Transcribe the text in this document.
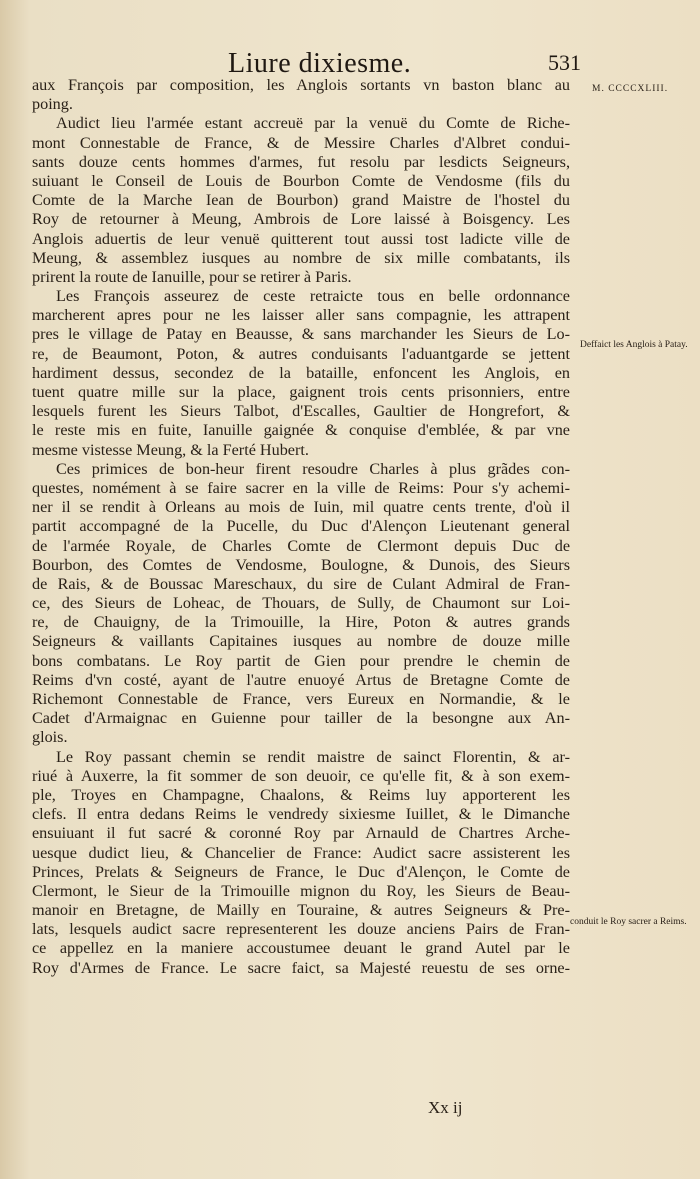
Liure dixiesme.	531
M. CCCCXLIII.
aux François par composition, les Anglois sortants vn baston blanc au
poing.
Audict lieu l'armée estant accreuë par la venuë du Comte de Riche-
mont Connestable de France, & de Messire Charles d'Albret condui-
sants douze cents hommes d'armes, fut resolu par lesdicts Seigneurs,
suiuant le Conseil de Louis de Bourbon Comte de Vendosme (fils du
Comte de la Marche Iean de Bourbon) grand Maistre de l'hostel du
Roy de retourner à Meung, Ambrois de Lore laissé à Boisgency. Les
Anglois aduertis de leur venuë quitterent tout aussi tost ladicte ville de
Meung, & assemblez iusques au nombre de six mille combatants, ils
prirent la route de Ianuille, pour se retirer à Paris.
Les François asseurez de ceste retraicte tous en belle ordonnance
marcherent apres pour ne les laisser aller sans compagnie, les attrapent
pres le village de Patay en Beausse, & sans marchander les Sieurs de Lo-
re, de Beaumont, Poton, & autres conduisants l'aduantgarde se jettent
hardiment dessus, secondez de la bataille, enfoncent les Anglois, en
tuent quatre mille sur la place, gaignent trois cents prisonniers, entre
lesquels furent les Sieurs Talbot, d'Escalles, Gaultier de Hongrefort, &
le reste mis en fuite, Ianuille gaignée & conquise d'emblée, & par vne
mesme vistesse Meung, & la Ferté Hubert.
Ces primices de bon-heur firent resoudre Charles à plus grãdes con-
questes, nomément à se faire sacrer en la ville de Reims: Pour s'y achemi-
ner il se rendit à Orleans au mois de Iuin, mil quatre cents trente, d'où il
partit accompagné de la Pucelle, du Duc d'Alençon Lieutenant general
de l'armée Royale, de Charles Comte de Clermont depuis Duc de
Bourbon, des Comtes de Vendosme, Boulogne, & Dunois, des Sieurs
de Rais, & de Boussac Mareschaux, du sire de Culant Admiral de Fran-
ce, des Sieurs de Loheac, de Thouars, de Sully, de Chaumont sur Loi-
re, de Chauigny, de la Trimouille, la Hire, Poton & autres grands
Seigneurs & vaillants Capitaines iusques au nombre de douze mille
bons combatans. Le Roy partit de Gien pour prendre le chemin de
Reims d'vn costé, ayant de l'autre enuoyé Artus de Bretagne Comte de
Richemont Connestable de France, vers Eureux en Normandie, & le
Cadet d'Armaignac en Guienne pour tailler de la besongne aux An-
glois.
Le Roy passant chemin se rendit maistre de sainct Florentin, & ar-
riué à Auxerre, la fit sommer de son deuoir, ce qu'elle fit, & à son exem-
ple, Troyes en Champagne, Chaalons, & Reims luy apporterent les
clefs. Il entra dedans Reims le vendredy sixiesme Iuillet, & le Dimanche
ensuiuant il fut sacré & coronné Roy par Arnauld de Chartres Arche-
uesque dudict lieu, & Chancelier de France: Audict sacre assisterent les
Princes, Prelats & Seigneurs de France, le Duc d'Alençon, le Comte de
Clermont, le Sieur de la Trimouille mignon du Roy, les Sieurs de Beau-
manoir en Bretagne, de Mailly en Touraine, & autres Seigneurs & Pre-
lats, lesquels audict sacre representerent les douze anciens Pairs de Fran-
ce appellez en la maniere accoustumee deuant le grand Autel par le
Roy d'Armes de France. Le sacre faict, sa Majesté reuestu de ses orne-
Deffaict les Anglois à Patay.
conduit le Roy sacrer a Reims.
Xx ij
